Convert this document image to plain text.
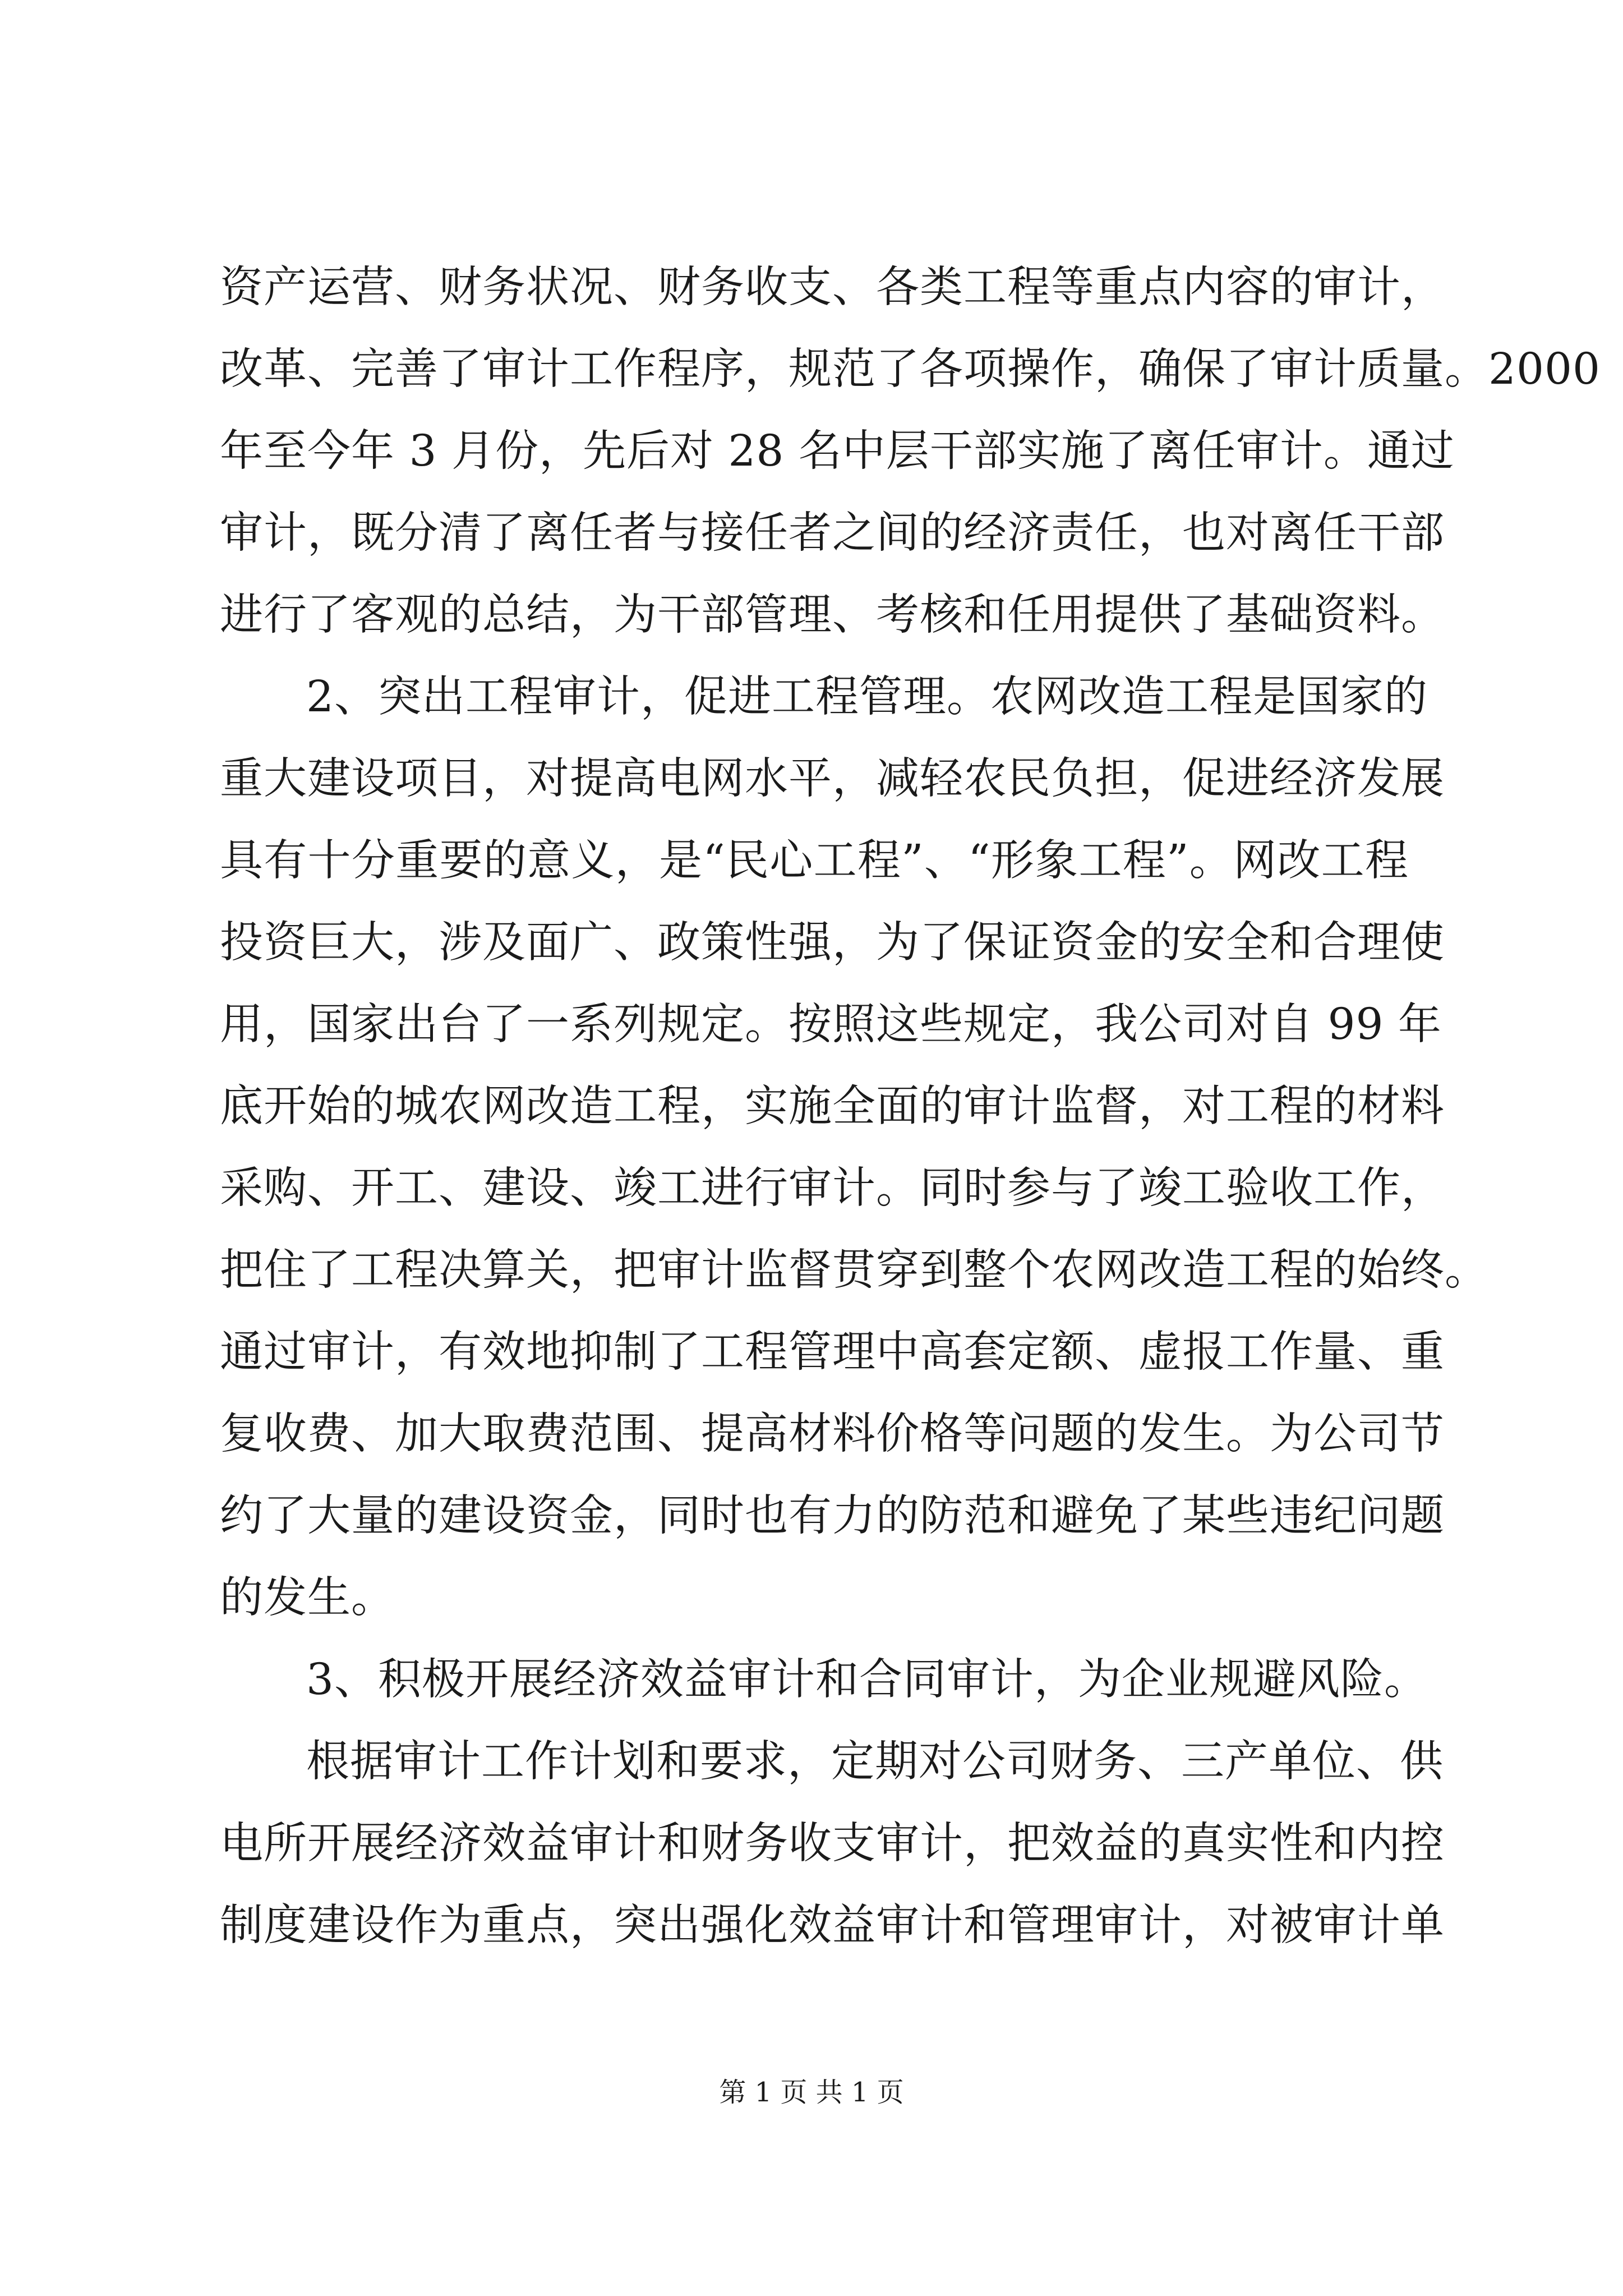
资产运营、财务状况、财务收支、各类工程等重点内容的审计，
改革、完善了审计工作程序，规范了各项操作，确保了审计质量。2000
年至今年 3 月份，先后对 28 名中层干部实施了离任审计。通过
审计，既分清了离任者与接任者之间的经济责任，也对离任干部
进行了客观的总结，为干部管理、考核和任用提供了基础资料。
2、突出工程审计，促进工程管理。农网改造工程是国家的
重大建设项目，对提高电网水平，减轻农民负担，促进经济发展
具有十分重要的意义，是“民心工程”、“形象工程”。网改工程
投资巨大，涉及面广、政策性强，为了保证资金的安全和合理使
用，国家出台了一系列规定。按照这些规定，我公司对自 99 年
底开始的城农网改造工程，实施全面的审计监督，对工程的材料
采购、开工、建设、竣工进行审计。同时参与了竣工验收工作，
把住了工程决算关，把审计监督贯穿到整个农网改造工程的始终。
通过审计，有效地抑制了工程管理中高套定额、虚报工作量、重
复收费、加大取费范围、提高材料价格等问题的发生。为公司节
约了大量的建设资金，同时也有力的防范和避免了某些违纪问题
的发生。
3、积极开展经济效益审计和合同审计，为企业规避风险。
根据审计工作计划和要求，定期对公司财务、三产单位、供
电所开展经济效益审计和财务收支审计，把效益的真实性和内控
制度建设作为重点，突出强化效益审计和管理审计，对被审计单
第 1 页 共 1 页
